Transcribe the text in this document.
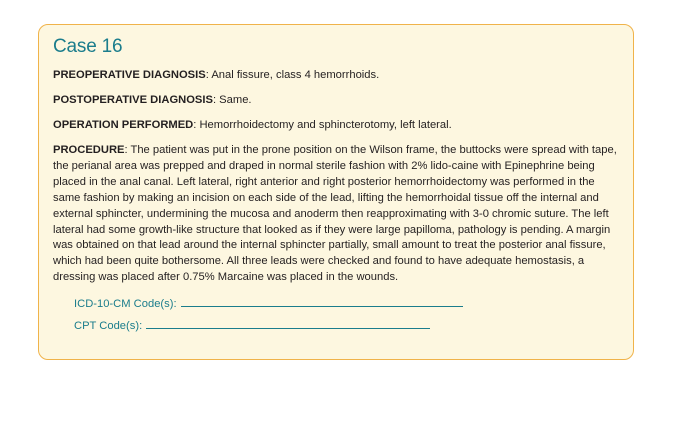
Case 16

PREOPERATIVE DIAGNOSIS: Anal fissure, class 4 hemorrhoids.

POSTOPERATIVE DIAGNOSIS: Same.

OPERATION PERFORMED: Hemorrhoidectomy and sphincterotomy, left lateral.

PROCEDURE: The patient was put in the prone position on the Wilson frame, the buttocks were spread with tape, the perianal area was prepped and draped in normal sterile fashion with 2% lido-caine with Epinephrine being placed in the anal canal. Left lateral, right anterior and right posterior hemorrhoidectomy was performed in the same fashion by making an incision on each side of the lead, lifting the hemorrhoidal tissue off the internal and external sphincter, undermining the mucosa and anoderm then reapproximating with 3-0 chromic suture. The left lateral had some growth-like structure that looked as if they were large papilloma, pathology is pending. A margin was obtained on that lead around the internal sphincter partially, small amount to treat the posterior anal fissure, which had been quite bothersome. All three leads were checked and found to have adequate hemostasis, a dressing was placed after 0.75% Marcaine was placed in the wounds.

ICD-10-CM Code(s):
CPT Code(s):
